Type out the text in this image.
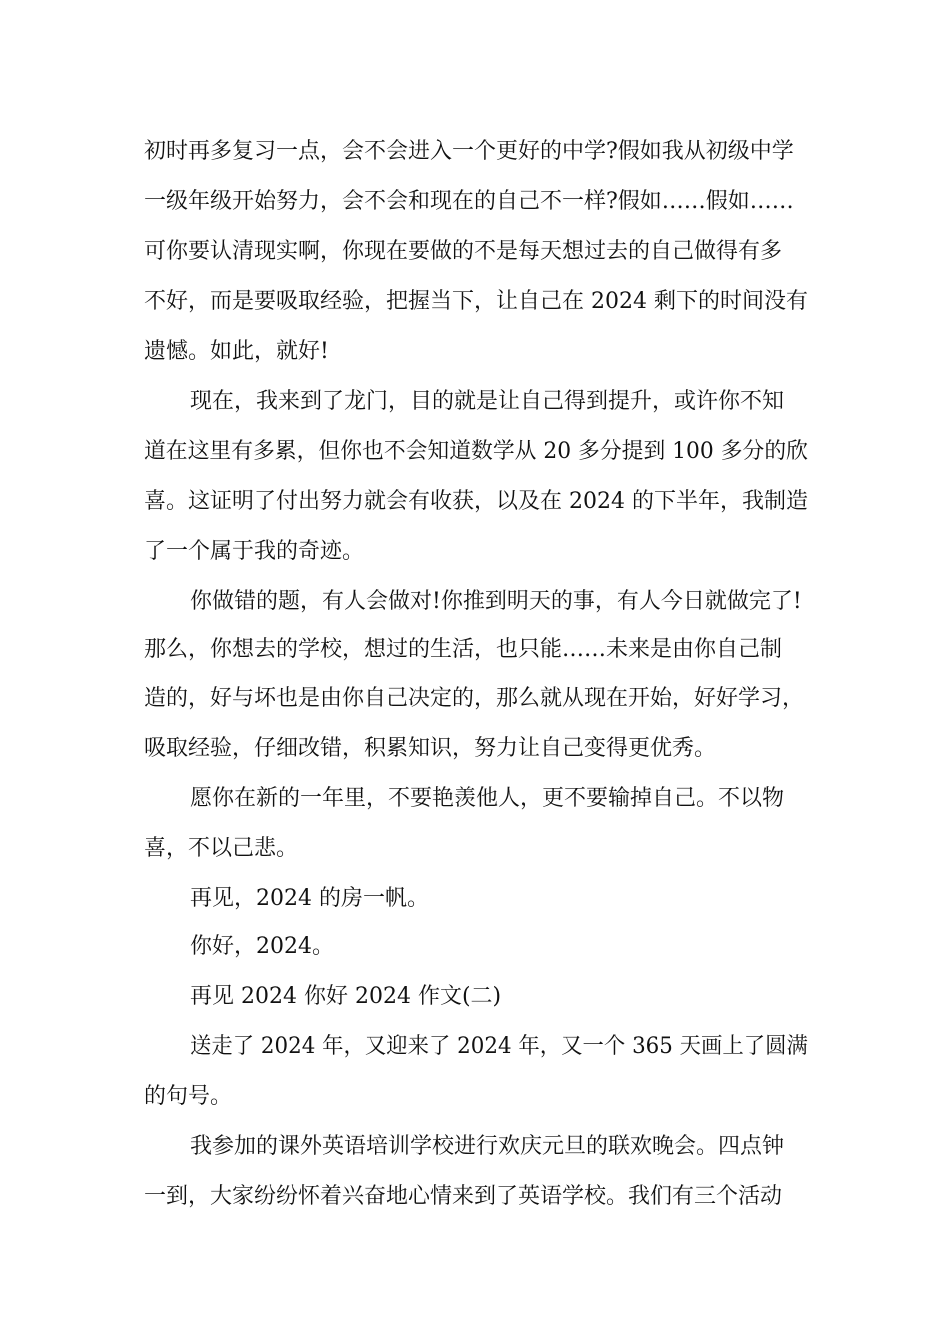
初时再多复习一点，会不会进入一个更好的中学?假如我从初级中学

一级年级开始努力，会不会和现在的自己不一样?假如……假如……

可你要认清现实啊，你现在要做的不是每天想过去的自己做得有多

不好，而是要吸取经验，把握当下，让自己在 2024 剩下的时间没有

遗憾。如此，就好!

现在，我来到了龙门，目的就是让自己得到提升，或许你不知

道在这里有多累，但你也不会知道数学从 20 多分提到 100 多分的欣

喜。这证明了付出努力就会有收获，以及在 2024 的下半年，我制造

了一个属于我的奇迹。

你做错的题，有人会做对!你推到明天的事，有人今日就做完了!

那么，你想去的学校，想过的生活，也只能……未来是由你自己制

造的，好与坏也是由你自己决定的，那么就从现在开始，好好学习，

吸取经验，仔细改错，积累知识，努力让自己变得更优秀。

愿你在新的一年里，不要艳羡他人，更不要输掉自己。不以物

喜，不以己悲。

再见，2024 的房一帆。

你好，2024。

再见 2024 你好 2024 作文(二)

送走了 2024 年，又迎来了 2024 年，又一个 365 天画上了圆满

的句号。

我参加的课外英语培训学校进行欢庆元旦的联欢晚会。四点钟

一到，大家纷纷怀着兴奋地心情来到了英语学校。我们有三个活动
